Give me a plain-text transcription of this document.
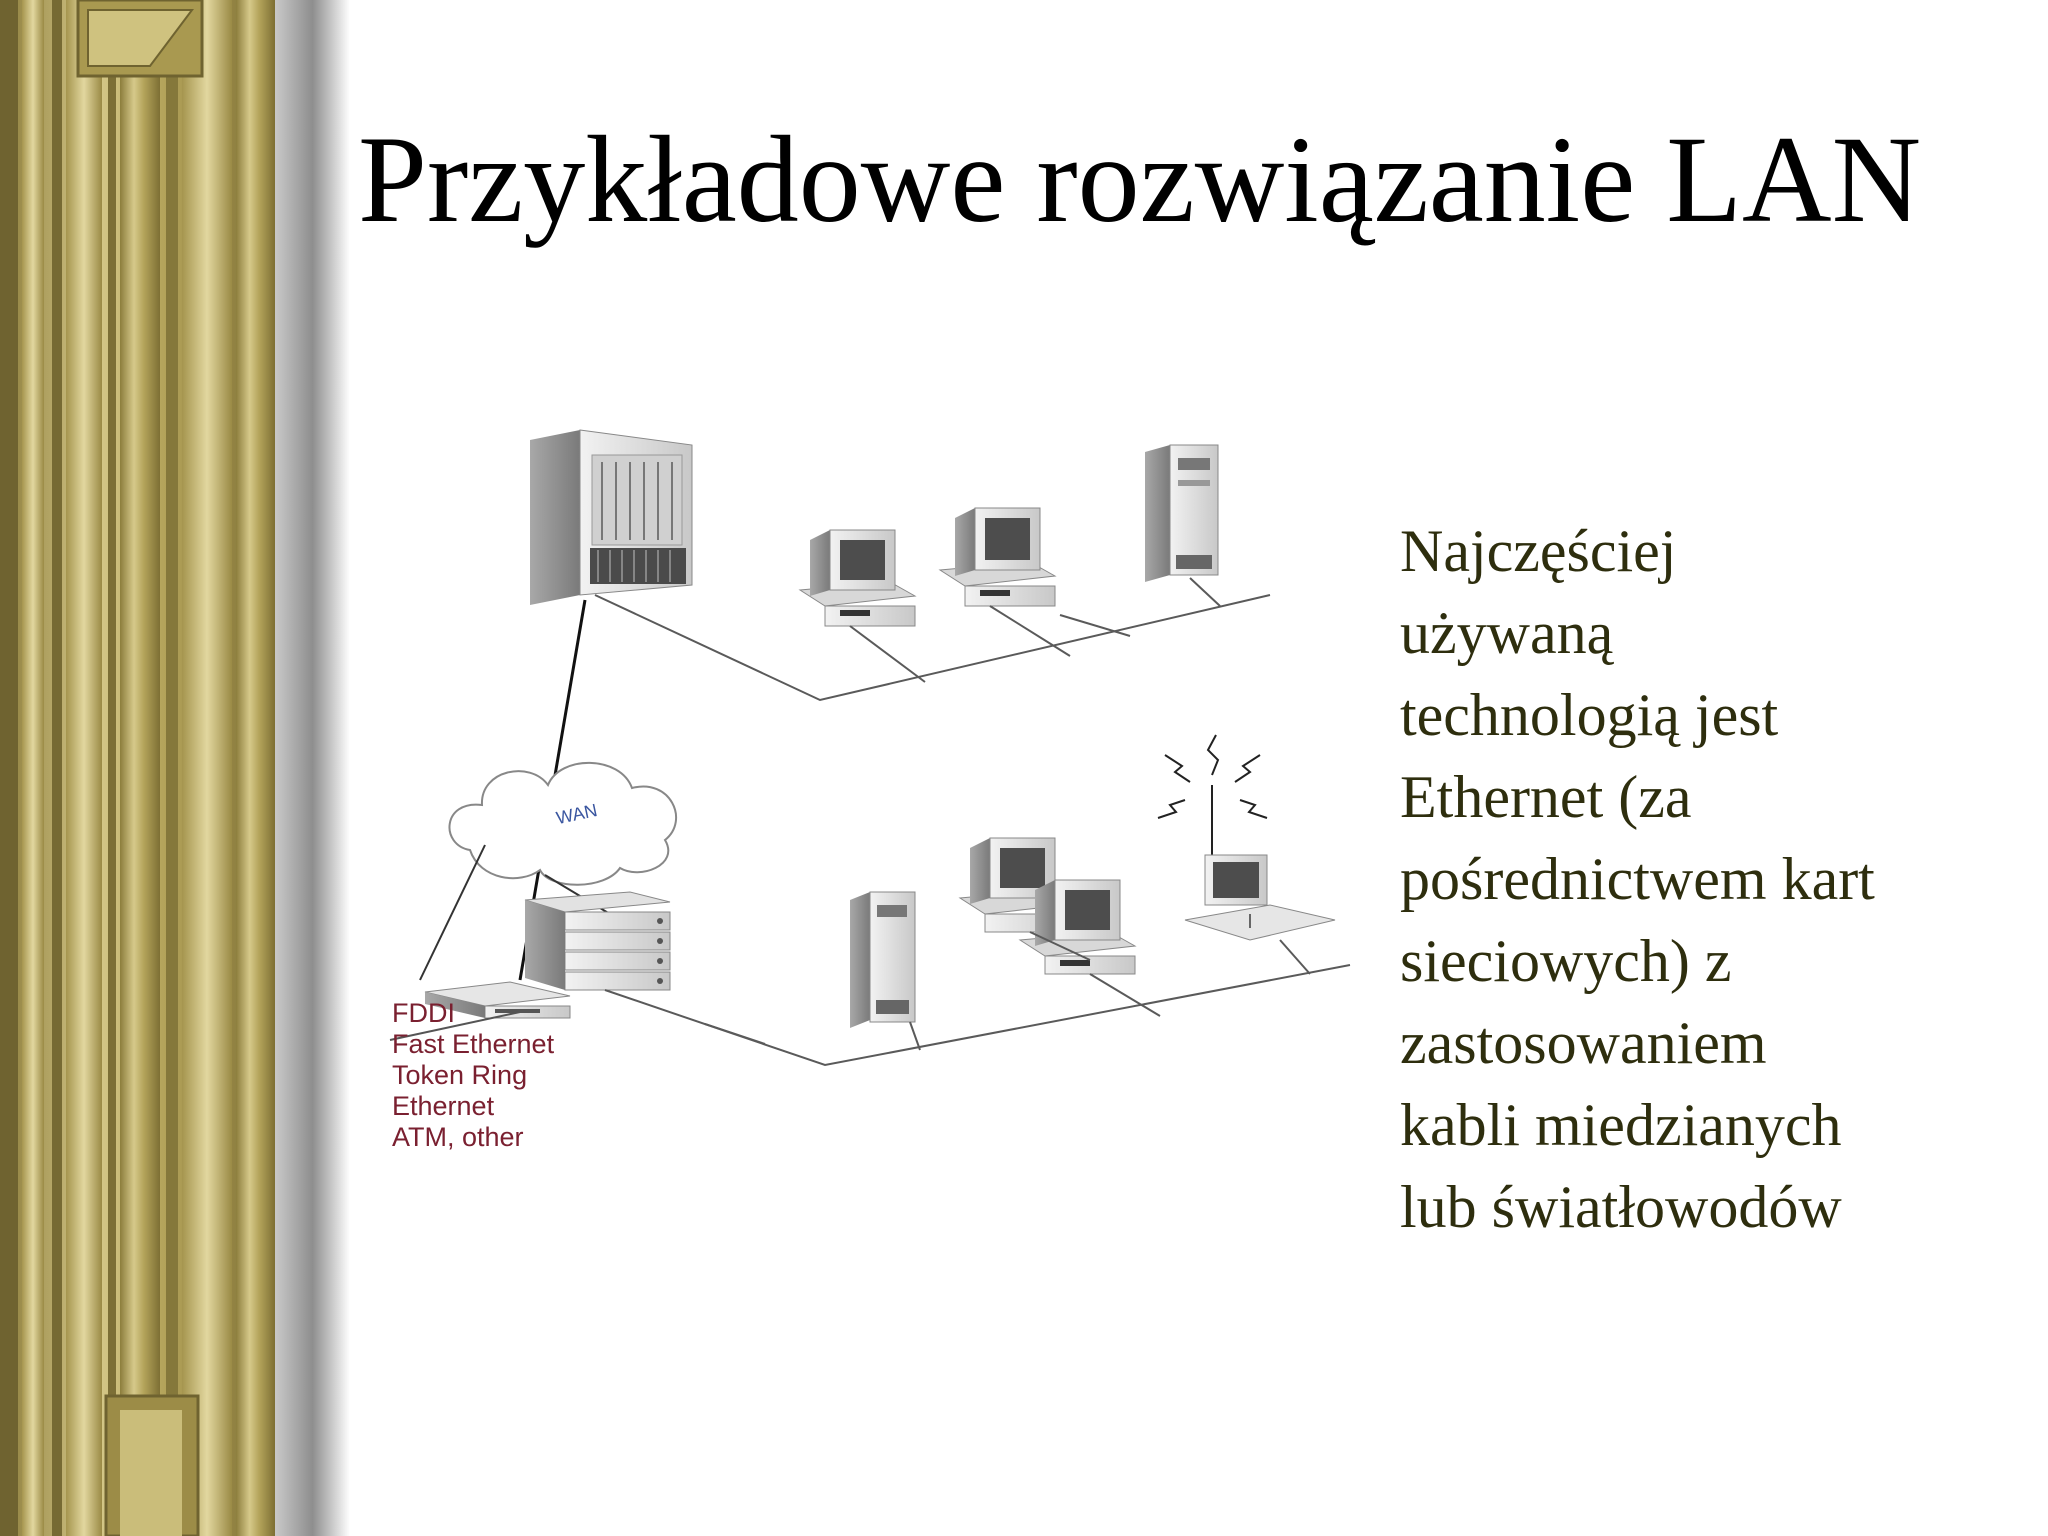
Przykładowe rozwiązanie LAN
WAN
FDDI
Fast Ethernet
Token Ring
Ethernet
ATM, other
Najczęściej
używaną
technologią jest
Ethernet (za
pośrednictwem kart
sieciowych) z
zastosowaniem
kabli miedzianych
lub światłowodów
